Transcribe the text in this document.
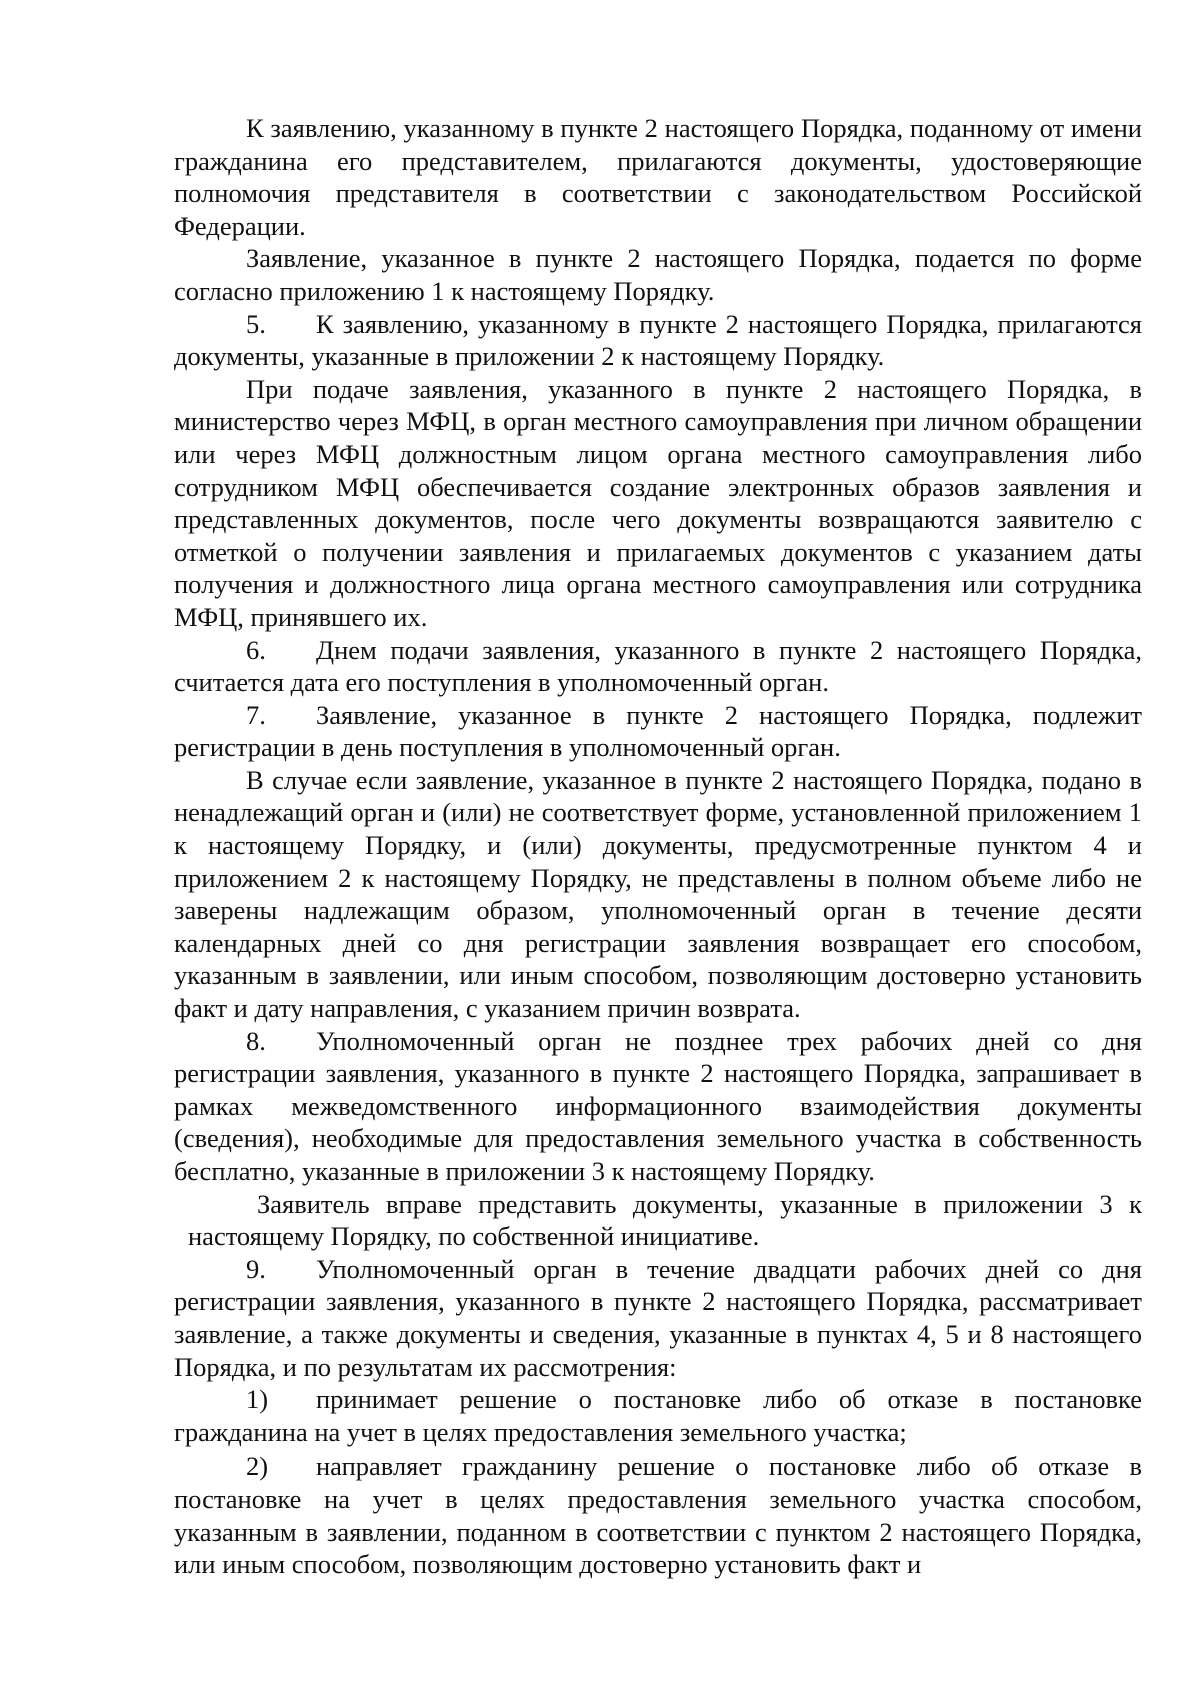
К заявлению, указанному в пункте 2 настоящего Порядка, поданному от имени гражданина его представителем, прилагаются документы, удостоверяющие полномочия представителя в соответствии с законодательством Российской Федерации.

Заявление, указанное в пункте 2 настоящего Порядка, подается по форме согласно приложению 1 к настоящему Порядку.

5. К заявлению, указанному в пункте 2 настоящего Порядка, прилагаются документы, указанные в приложении 2 к настоящему Порядку.

При подаче заявления, указанного в пункте 2 настоящего Порядка, в министерство через МФЦ, в орган местного самоуправления при личном обращении или через МФЦ должностным лицом органа местного самоуправления либо сотрудником МФЦ обеспечивается создание электронных образов заявления и представленных документов, после чего документы возвращаются заявителю с отметкой о получении заявления и прилагаемых документов с указанием даты получения и должностного лица органа местного самоуправления или сотрудника МФЦ, принявшего их.

6. Днем подачи заявления, указанного в пункте 2 настоящего Порядка, считается дата его поступления в уполномоченный орган.

7. Заявление, указанное в пункте 2 настоящего Порядка, подлежит регистрации в день поступления в уполномоченный орган.

В случае если заявление, указанное в пункте 2 настоящего Порядка, подано в ненадлежащий орган и (или) не соответствует форме, установленной приложением 1 к настоящему Порядку, и (или) документы, предусмотренные пунктом 4 и приложением 2 к настоящему Порядку, не представлены в полном объеме либо не заверены надлежащим образом, уполномоченный орган в течение десяти календарных дней со дня регистрации заявления возвращает его способом, указанным в заявлении, или иным способом, позволяющим достоверно установить факт и дату направления, с указанием причин возврата.

8. Уполномоченный орган не позднее трех рабочих дней со дня регистрации заявления, указанного в пункте 2 настоящего Порядка, запрашивает в рамках межведомственного информационного взаимодействия документы (сведения), необходимые для предоставления земельного участка в собственность бесплатно, указанные в приложении 3 к настоящему Порядку.

Заявитель вправе представить документы, указанные в приложении 3 к настоящему Порядку, по собственной инициативе.

9. Уполномоченный орган в течение двадцати рабочих дней со дня регистрации заявления, указанного в пункте 2 настоящего Порядка, рассматривает заявление, а также документы и сведения, указанные в пунктах 4, 5 и 8 настоящего Порядка, и по результатам их рассмотрения:

1) принимает решение о постановке либо об отказе в постановке гражданина на учет в целях предоставления земельного участка;

2) направляет гражданину решение о постановке либо об отказе в постановке на учет в целях предоставления земельного участка способом, указанным в заявлении, поданном в соответствии с пунктом 2 настоящего Порядка, или иным способом, позволяющим достоверно установить факт и
